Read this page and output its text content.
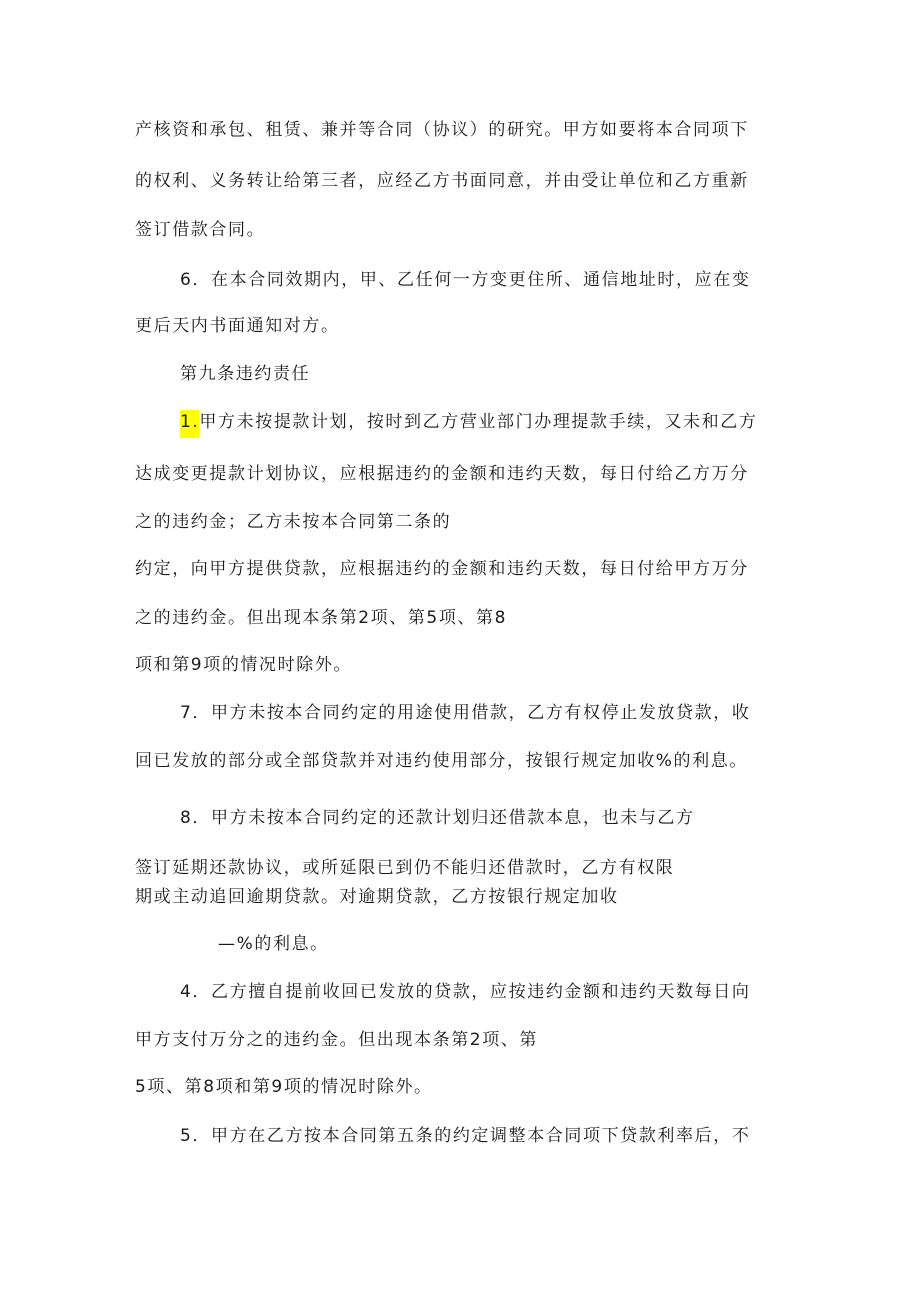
产核资和承包、租赁、兼并等合同（协议）的研究。甲方如要将本合同项下
的权利、义务转让给第三者，应经乙方书面同意，并由受让单位和乙方重新
签订借款合同。
6．在本合同效期内，甲、乙任何一方变更住所、通信地址时，应在变
更后天内书面通知对方。
第九条违约责任
1.甲方未按提款计划，按时到乙方营业部门办理提款手续，又未和乙方
达成变更提款计划协议，应根据违约的金额和违约天数，每日付给乙方万分
之的违约金；乙方未按本合同第二条的
约定，向甲方提供贷款，应根据违约的金额和违约天数，每日付给甲方万分
之的违约金。但出现本条第2项、第5项、第8
项和第9项的情况时除外。
7．甲方未按本合同约定的用途使用借款，乙方有权停止发放贷款，收
回已发放的部分或全部贷款并对违约使用部分，按银行规定加收%的利息。
8．甲方未按本合同约定的还款计划归还借款本息，也未与乙方
签订延期还款协议，或所延限已到仍不能归还借款时，乙方有权限
期或主动追回逾期贷款。对逾期贷款，乙方按银行规定加收
—%的利息。
4．乙方擅自提前收回已发放的贷款，应按违约金额和违约天数每日向
甲方支付万分之的违约金。但出现本条第2项、第
5项、第8项和第9项的情况时除外。
5．甲方在乙方按本合同第五条的约定调整本合同项下贷款利率后，不
